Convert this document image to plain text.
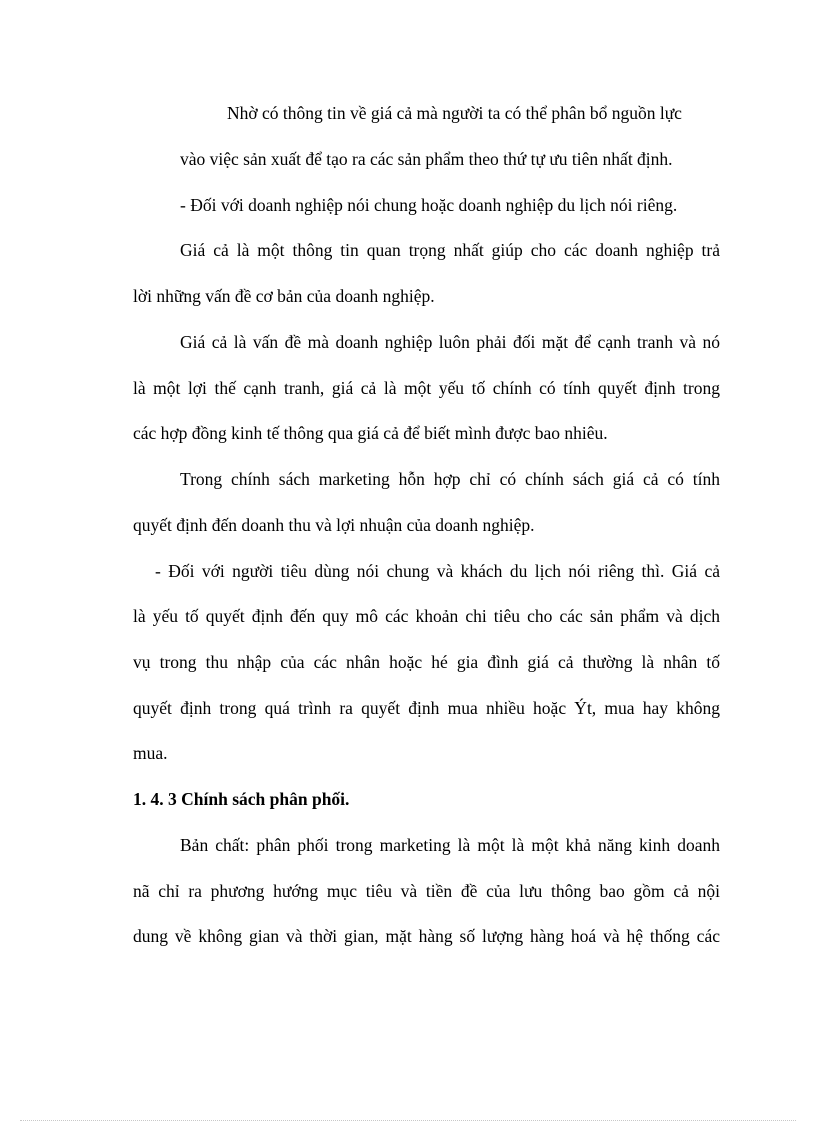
Nhờ có thông tin về giá cả mà người ta có thể phân bổ nguồn lực
vào việc sản xuất để tạo ra các sản phẩm theo thứ tự ưu tiên nhất định.
- Đối với doanh nghiệp nói chung hoặc doanh nghiệp du lịch nói riêng.
Giá cả là một thông tin quan trọng nhất giúp cho các doanh nghiệp trả
lời những vấn đề cơ bản của doanh nghiệp.
Giá cả là vấn đề mà doanh nghiệp luôn phải đối mặt để cạnh tranh và nó
là một lợi thế cạnh tranh, giá cả là một yếu tố chính có tính quyết định trong
các hợp đồng kinh tế thông qua giá cả để biết mình được bao nhiêu.
Trong chính sách marketing hỗn hợp chỉ có chính sách giá cả có tính
quyết định đến doanh thu và lợi nhuận của doanh nghiệp.
- Đối với người tiêu dùng nói chung và khách du lịch nói riêng thì. Giá cả
là yếu tố quyết định đến quy mô các khoản chi tiêu cho các sản phẩm và dịch
vụ trong thu nhập của các nhân hoặc hé gia đình giá cả thường là nhân tố
quyết định trong quá trình ra quyết định mua nhiều hoặc Ýt, mua hay không
mua.
1. 4. 3 Chính sách phân phối.
Bản chất: phân phối trong marketing là một là một khả năng kinh doanh
nã chỉ ra phương hướng mục tiêu và tiền đề của lưu thông bao gồm cả nội
dung về không gian và thời gian, mặt hàng số lượng hàng hoá và hệ thống các
